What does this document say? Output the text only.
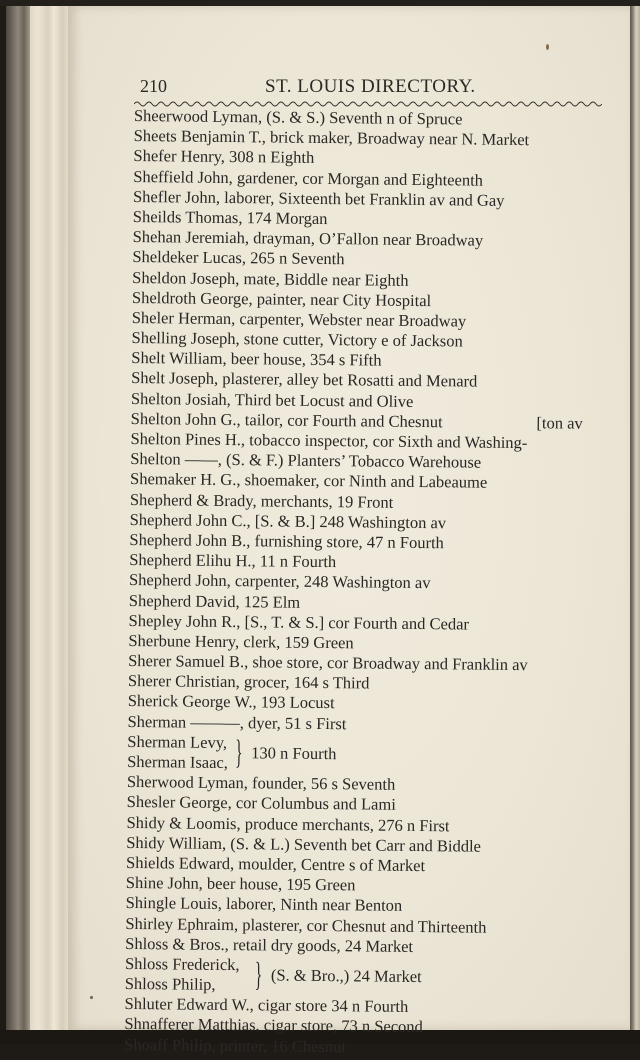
210	ST. LOUIS DIRECTORY.
Sheerwood Lyman, (S. & S.) Seventh n of Spruce
Sheets Benjamin T., brick maker, Broadway near N. Market
Shefer Henry, 308 n Eighth
Sheffield John, gardener, cor Morgan and Eighteenth
Shefler John, laborer, Sixteenth bet Franklin av and Gay
Sheilds Thomas, 174 Morgan
Shehan Jeremiah, drayman, O’Fallon near Broadway
Sheldeker Lucas, 265 n Seventh
Sheldon Joseph, mate, Biddle near Eighth
Sheldroth George, painter, near City Hospital
Sheler Herman, carpenter, Webster near Broadway
Shelling Joseph, stone cutter, Victory e of Jackson
Shelt William, beer house, 354 s Fifth
Shelt Joseph, plasterer, alley bet Rosatti and Menard
Shelton Josiah, Third bet Locust and Olive
Shelton John G., tailor, cor Fourth and Chesnut	[ton av
Shelton Pines H., tobacco inspector, cor Sixth and Washing-
Shelton ——, (S. & F.) Planters’ Tobacco Warehouse
Shemaker H. G., shoemaker, cor Ninth and Labeaume
Shepherd & Brady, merchants, 19 Front
Shepherd John C., [S. & B.] 248 Washington av
Shepherd John B., furnishing store, 47 n Fourth
Shepherd Elihu H., 11 n Fourth
Shepherd John, carpenter, 248 Washington av
Shepherd David, 125 Elm
Shepley John R., [S., T. & S.] cor Fourth and Cedar
Sherbune Henry, clerk, 159 Green
Sherer Samuel B., shoe store, cor Broadway and Franklin av
Sherer Christian, grocer, 164 s Third
Sherick George W., 193 Locust
Sherman ———, dyer, 51 s First
Sherman Levy,
Sherman Isaac, } 130 n Fourth
Sherwood Lyman, founder, 56 s Seventh
Shesler George, cor Columbus and Lami
Shidy & Loomis, produce merchants, 276 n First
Shidy William, (S. & L.) Seventh bet Carr and Biddle
Shields Edward, moulder, Centre s of Market
Shine John, beer house, 195 Green
Shingle Louis, laborer, Ninth near Benton
Shirley Ephraim, plasterer, cor Chesnut and Thirteenth
Shloss & Bros., retail dry goods, 24 Market
Shloss Frederick,
Shloss Philip,	} (S. & Bro.,) 24 Market
Shluter Edward W., cigar store 34 n Fourth
Shnafferer Matthias, cigar store, 73 n Second
Shoaff Philip, printer, 16 Chesnut
